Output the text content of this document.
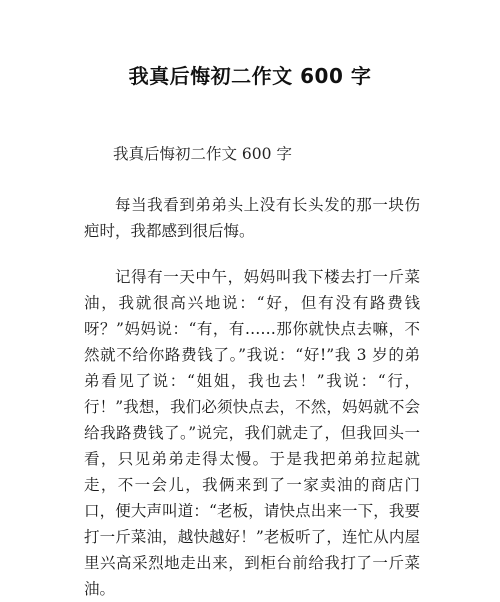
我真后悔初二作文 600 字
我真后悔初二作文 600 字
每当我看到弟弟头上没有长头发的那一块伤疤时，我都感到很后悔。
记得有一天中午，妈妈叫我下楼去打一斤菜油，我就很高兴地说：“好，但有没有路费钱呀？”妈妈说：“有，有……那你就快点去嘛，不然就不给你路费钱了。”我说：“好!”我 3 岁的弟弟看见了说：“姐姐，我也去！”我说：“行，行！”我想，我们必须快点去，不然，妈妈就不会给我路费钱了。”说完，我们就走了，但我回头一看，只见弟弟走得太慢。于是我把弟弟拉起就走，不一会儿，我俩来到了一家卖油的商店门口，便大声叫道：“老板，请快点出来一下，我要打一斤菜油，越快越好！”老板听了，连忙从内屋里兴高采烈地走出来，到柜台前给我打了一斤菜油。
